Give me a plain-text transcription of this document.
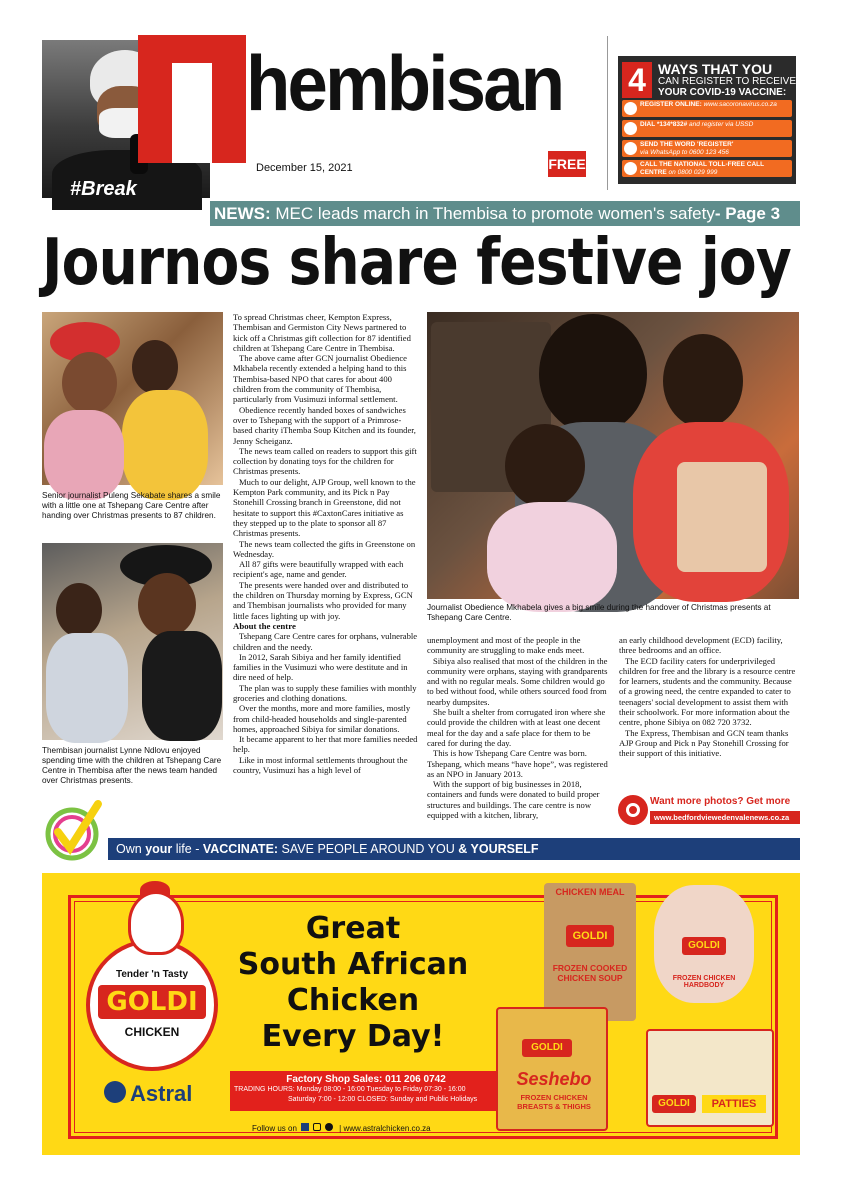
#Break
hembisan
December 15, 2021	FREE
4 WAYS THAT YOU
CAN REGISTER TO RECEIVE
YOUR COVID-19 VACCINE:
REGISTER ONLINE: www.sacoronavirus.co.za
DIAL *134*832# and register via USSD
SEND THE WORD 'REGISTER'
via WhatsApp to 0600 123 456
CALL THE NATIONAL TOLL-FREE CALL CENTRE on 0800 029 999
NEWS: MEC leads march in Thembisa to promote women's safety- Page 3
Journos share festive joy
Senior journalist Puleng Sekabate shares a smile with a little one at Tshepang Care Centre after handing over Christmas presents to 87 children.
Thembisan journalist Lynne Ndlovu enjoyed spending time with the children at Tshepang Care Centre in Thembisa after the news team handed over Christmas presents.
Journalist Obedience Mkhabela gives a big smile during the handover of Christmas presents at Tshepang Care Centre.

To spread Christmas cheer, Kempton Express, Thembisan and Germiston City News partnered to kick off a Christmas gift collection for 87 identified children at Tshepang Care Centre in Thembisa.

The above came after GCN journalist Obedience Mkhabela recently extended a helping hand to this Thembisa-based NPO that cares for about 400 children from the community of Thembisa, particularly from Vusimuzi informal settlement.

Obedience recently handed boxes of sandwiches over to Tshepang with the support of a Primrose-based charity iThemba Soup Kitchen and its founder, Jenny Scheiganz.

The news team called on readers to support this gift collection by donating toys for the children for Christmas presents.

Much to our delight, AJP Group, well known to the Kempton Park community, and its Pick n Pay Stonehill Crossing branch in Greenstone, did not hesitate to support this #CaxtonCares initiative as they stepped up to the plate to sponsor all 87 Christmas presents.

The news team collected the gifts in Greenstone on Wednesday.

All 87 gifts were beautifully wrapped with each recipient's age, name and gender.

The presents were handed over and distributed to the children on Thursday morning by Express, GCN and Thembisan journalists who provided for many little faces lighting up with joy.

About the centre

Tshepang Care Centre cares for orphans, vulnerable children and the needy.

In 2012, Sarah Sibiya and her family identified families in the Vusimuzi who were destitute and in dire need of help.

The plan was to supply these families with monthly groceries and clothing donations.

Over the months, more and more families, mostly from child-headed households and single-parented homes, approached Sibiya for similar donations.

It became apparent to her that more families needed help.

Like in most informal settlements throughout the country, Vusimuzi has a high level of

unemployment and most of the people in the community are struggling to make ends meet.

Sibiya also realised that most of the children in the community were orphans, staying with grandparents and with no regular meals. Some children would go to bed without food, while others sourced food from nearby dumpsites.

She built a shelter from corrugated iron where she could provide the children with at least one decent meal for the day and a safe place for them to be cared for during the day.

This is how Tshepang Care Centre was born. Tshepang, which means “have hope”, was registered as an NPO in January 2013.

With the support of big businesses in 2018, containers and funds were donated to build proper structures and buildings. The care centre is now equipped with a kitchen, library,

an early childhood development (ECD) facility, three bedrooms and an office.

The ECD facility caters for underprivileged children for free and the library is a resource centre for learners, students and the community. Because of a growing need, the centre expanded to cater to teenagers' social development to assist them with their schoolwork. For more information about the centre, phone Sibiya on 082 720 3732.

The Express, Thembisan and GCN team thanks AJP Group and Pick n Pay Stonehill Crossing for their support of this initiative.

Want more photos? Get more
www.bedfordviewedenvalenews.co.za
Own your life - VACCINATE: SAVE PEOPLE AROUND YOU & YOURSELF
Tender 'n Tasty
GOLDI
CHICKEN
Astral
Great
South African
Chicken
Every Day!
Factory Shop Sales: 011 206 0742
TRADING HOURS: Monday 08:00 - 16:00 Tuesday to Friday 07:30 - 16:00
Saturday 7:00 - 12:00 CLOSED: Sunday and Public Holidays
Follow us on	| www.astralchicken.co.za
CHICKEN MEAL
GOLDI
FROZEN COOKED CHICKEN SOUP
GOLDI
FROZEN CHICKEN HARDBODY
GOLDI
Seshebo
FROZEN CHICKEN BREASTS & THIGHS	GOLDI	PATTIES
